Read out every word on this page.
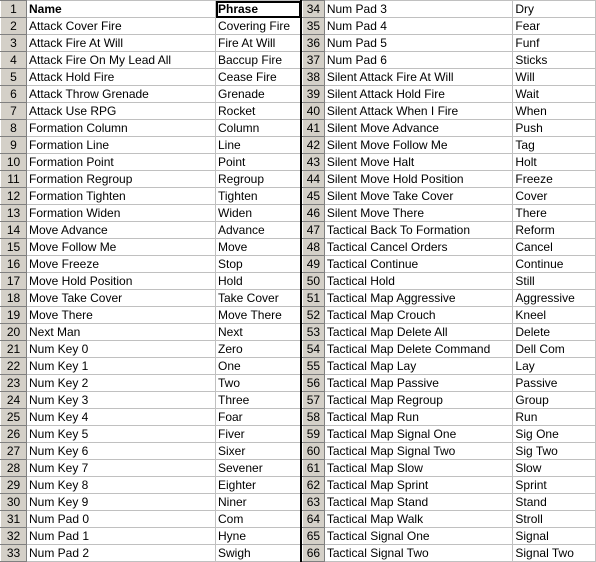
1	Name	Phrase
2	Attack Cover Fire	Covering Fire
3	Attack Fire At Will	Fire At Will
4	Attack Fire On My Lead All	Baccup Fire
5	Attack Hold Fire	Cease Fire
6	Attack Throw Grenade	Grenade
7	Attack Use RPG	Rocket
8	Formation Column	Column
9	Formation Line	Line
10	Formation Point	Point
11	Formation Regroup	Regroup
12	Formation Tighten	Tighten
13	Formation Widen	Widen
14	Move Advance	Advance
15	Move Follow Me	Move
16	Move Freeze	Stop
17	Move Hold Position	Hold
18	Move Take Cover	Take Cover
19	Move There	Move There
20	Next Man	Next
21	Num Key 0	Zero
22	Num Key 1	One
23	Num Key 2	Two
24	Num Key 3	Three
25	Num Key 4	Foar
26	Num Key 5	Fiver
27	Num Key 6	Sixer
28	Num Key 7	Sevener
29	Num Key 8	Eighter
30	Num Key 9	Niner
31	Num Pad 0	Com
32	Num Pad 1	Hyne
33	Num Pad 2	Swigh
34	Num Pad 3	Dry
35	Num Pad 4	Fear
36	Num Pad 5	Funf
37	Num Pad 6	Sticks
38	Silent Attack Fire At Will	Will
39	Silent Attack Hold Fire	Wait
40	Silent Attack When I Fire	When
41	Silent Move Advance	Push
42	Silent Move Follow Me	Tag
43	Silent Move Halt	Holt
44	Silent Move Hold Position	Freeze
45	Silent Move Take Cover	Cover
46	Silent Move There	There
47	Tactical Back To Formation	Reform
48	Tactical Cancel Orders	Cancel
49	Tactical Continue	Continue
50	Tactical Hold	Still
51	Tactical Map Aggressive	Aggressive
52	Tactical Map Crouch	Kneel
53	Tactical Map Delete All	Delete
54	Tactical Map Delete Command	Dell Com
55	Tactical Map Lay	Lay
56	Tactical Map Passive	Passive
57	Tactical Map Regroup	Group
58	Tactical Map Run	Run
59	Tactical Map Signal One	Sig One
60	Tactical Map Signal Two	Sig Two
61	Tactical Map Slow	Slow
62	Tactical Map Sprint	Sprint
63	Tactical Map Stand	Stand
64	Tactical Map Walk	Stroll
65	Tactical Signal One	Signal
66	Tactical Signal Two	Signal Two
